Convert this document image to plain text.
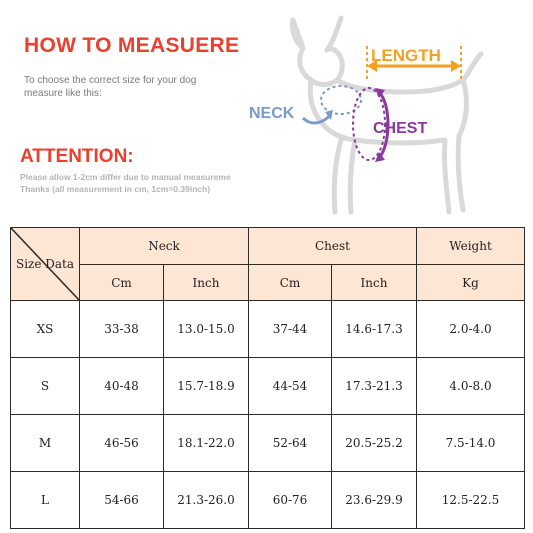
HOW TO MEASUERE
To choose the correct size for your dog
measure like this:
ATTENTION:
Please allow 1-2cm differ due to manual measureme
Thanks (all measurement in cm, 1cm=0.39inch)
LENGTH
NECK
CHEST
Size Data	Neck		Chest		Weight
	Cm	Inch	Cm	Inch	Kg
XS	33-38	13.0-15.0	37-44	14.6-17.3	2.0-4.0
S	40-48	15.7-18.9	44-54	17.3-21.3	4.0-8.0
M	46-56	18.1-22.0	52-64	20.5-25.2	7.5-14.0
L	54-66	21.3-26.0	60-76	23.6-29.9	12.5-22.5
